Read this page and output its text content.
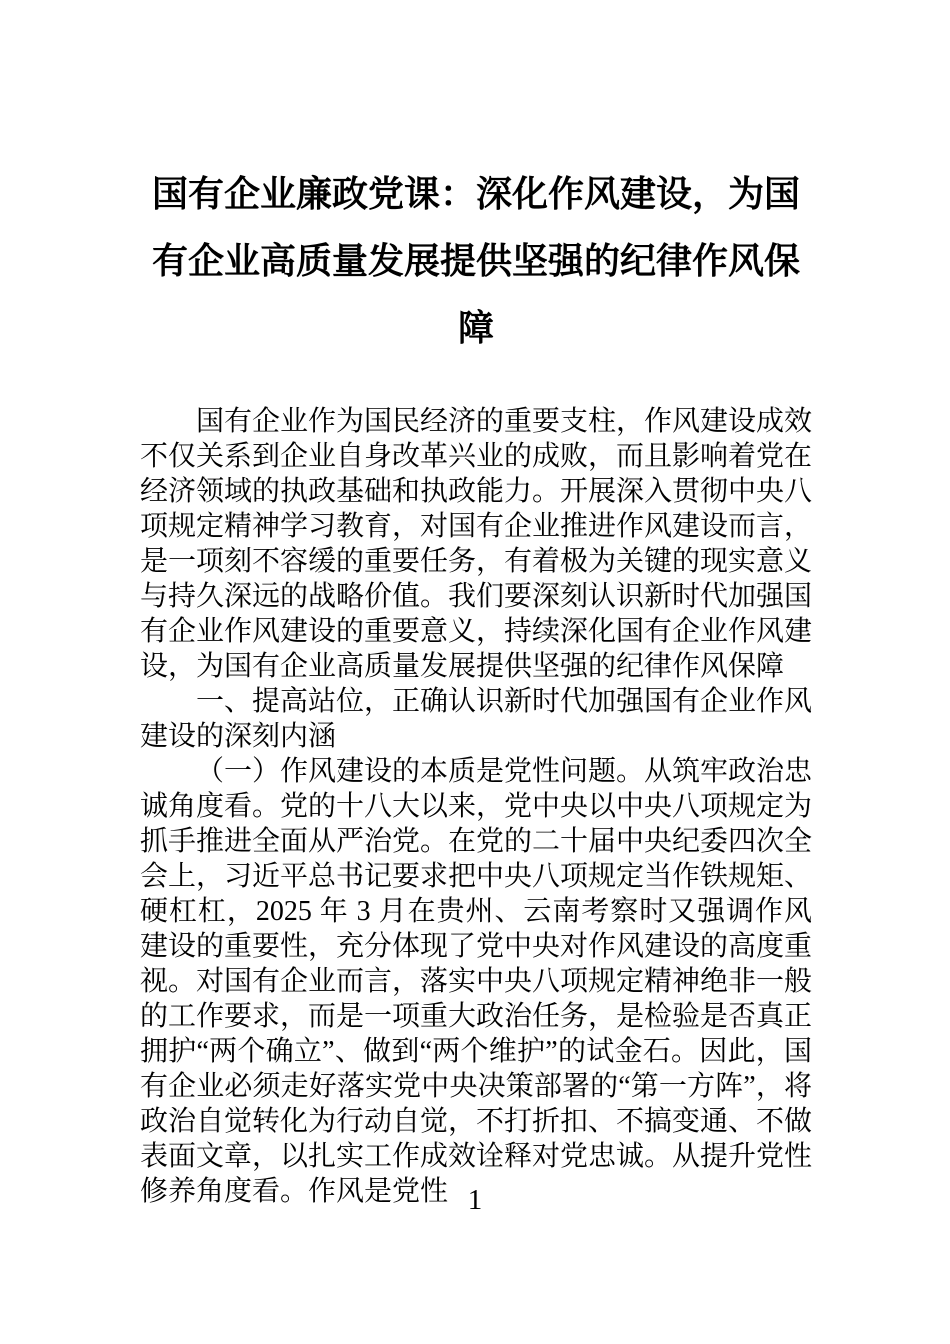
国有企业廉政党课：深化作风建设，为国
有企业高质量发展提供坚强的纪律作风保
障

国有企业作为国民经济的重要支柱，作风建设成效不仅关系到企业自身改革兴业的成败，而且影响着党在经济领域的执政基础和执政能力。开展深入贯彻中央八项规定精神学习教育，对国有企业推进作风建设而言，是一项刻不容缓的重要任务，有着极为关键的现实意义与持久深远的战略价值。我们要深刻认识新时代加强国有企业作风建设的重要意义，持续深化国有企业作风建设，为国有企业高质量发展提供坚强的纪律作风保障

一、提高站位，正确认识新时代加强国有企业作风建设的深刻内涵

（一）作风建设的本质是党性问题。从筑牢政治忠诚角度看。党的十八大以来，党中央以中央八项规定为抓手推进全面从严治党。在党的二十届中央纪委四次全会上，习近平总书记要求把中央八项规定当作铁规矩、硬杠杠，2025 年 3 月在贵州、云南考察时又强调作风建设的重要性，充分体现了党中央对作风建设的高度重视。对国有企业而言，落实中央八项规定精神绝非一般的工作要求，而是一项重大政治任务，是检验是否真正拥护“两个确立”、做到“两个维护”的试金石。因此，国有企业必须走好落实党中央决策部署的“第一方阵”，将政治自觉转化为行动自觉，不打折扣、不搞变通、不做表面文章，以扎实工作成效诠释对党忠诚。从提升党性修养角度看。作风是党性 1
